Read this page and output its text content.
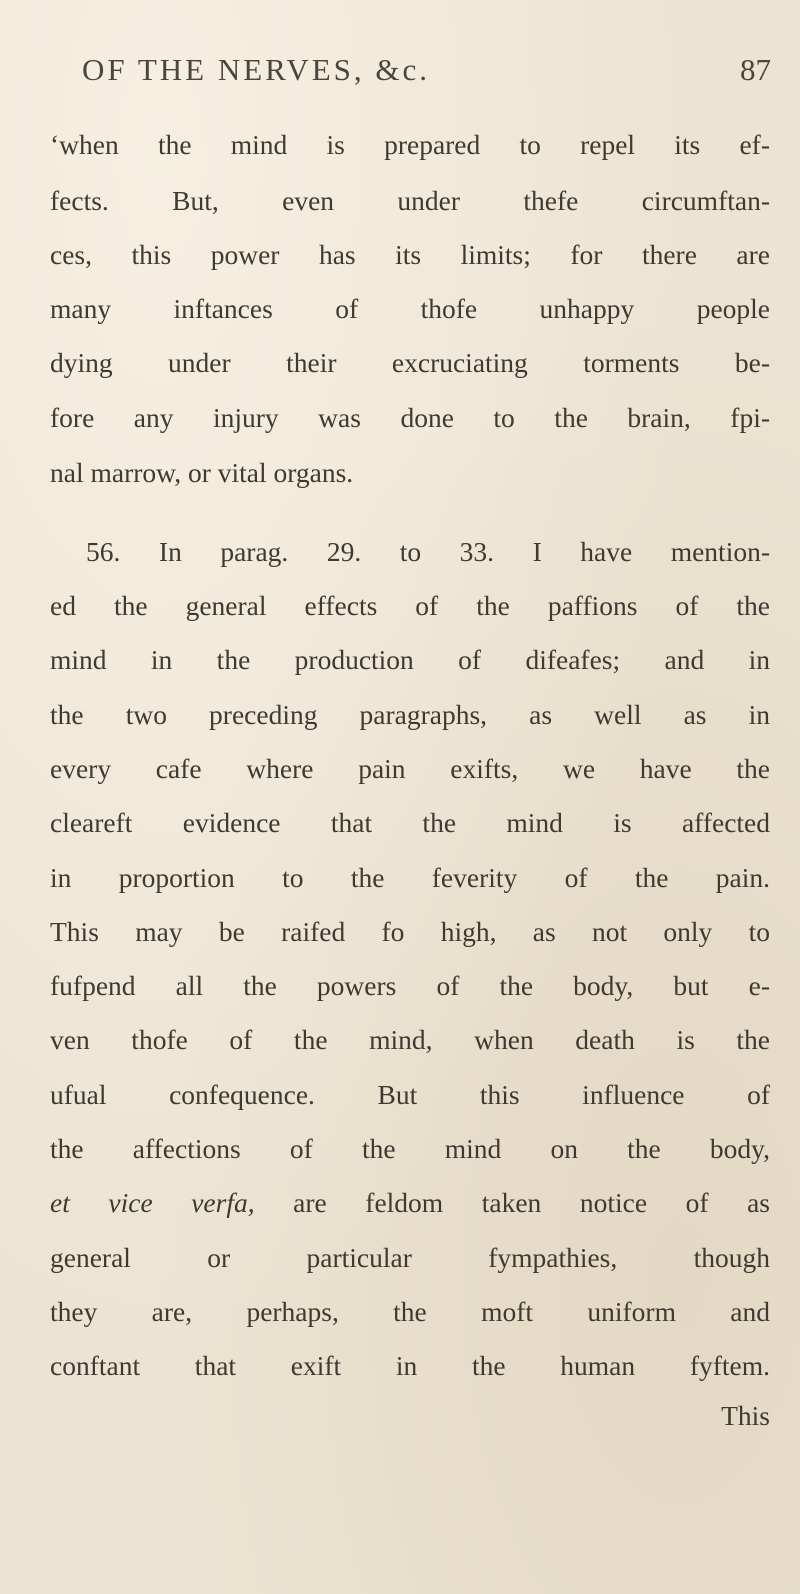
OF THE NERVES, &c.	87
‘when the mind is prepared to repel its ef-
fects. But, even under thefe circumftan-
ces, this power has its limits; for there are
many inftances of thofe unhappy people
dying under their excruciating torments be-
fore any injury was done to the brain, fpi-
nal marrow, or vital organs.
56. In parag. 29. to 33. I have mention-
ed the general effects of the paffions of the
mind in the production of difeafes; and in
the two preceding paragraphs, as well as in
every cafe where pain exifts, we have the
cleareft evidence that the mind is affected
in proportion to the feverity of the pain.
This may be raifed fo high, as not only to
fufpend all the powers of the body, but e-
ven thofe of the mind, when death is the
ufual confequence. But this influence of
the affections of the mind on the body,
et vice verfa, are feldom taken notice of as
general or particular fympathies, though
they are, perhaps, the moft uniform and
conftant that exift in the human fyftem.
This
